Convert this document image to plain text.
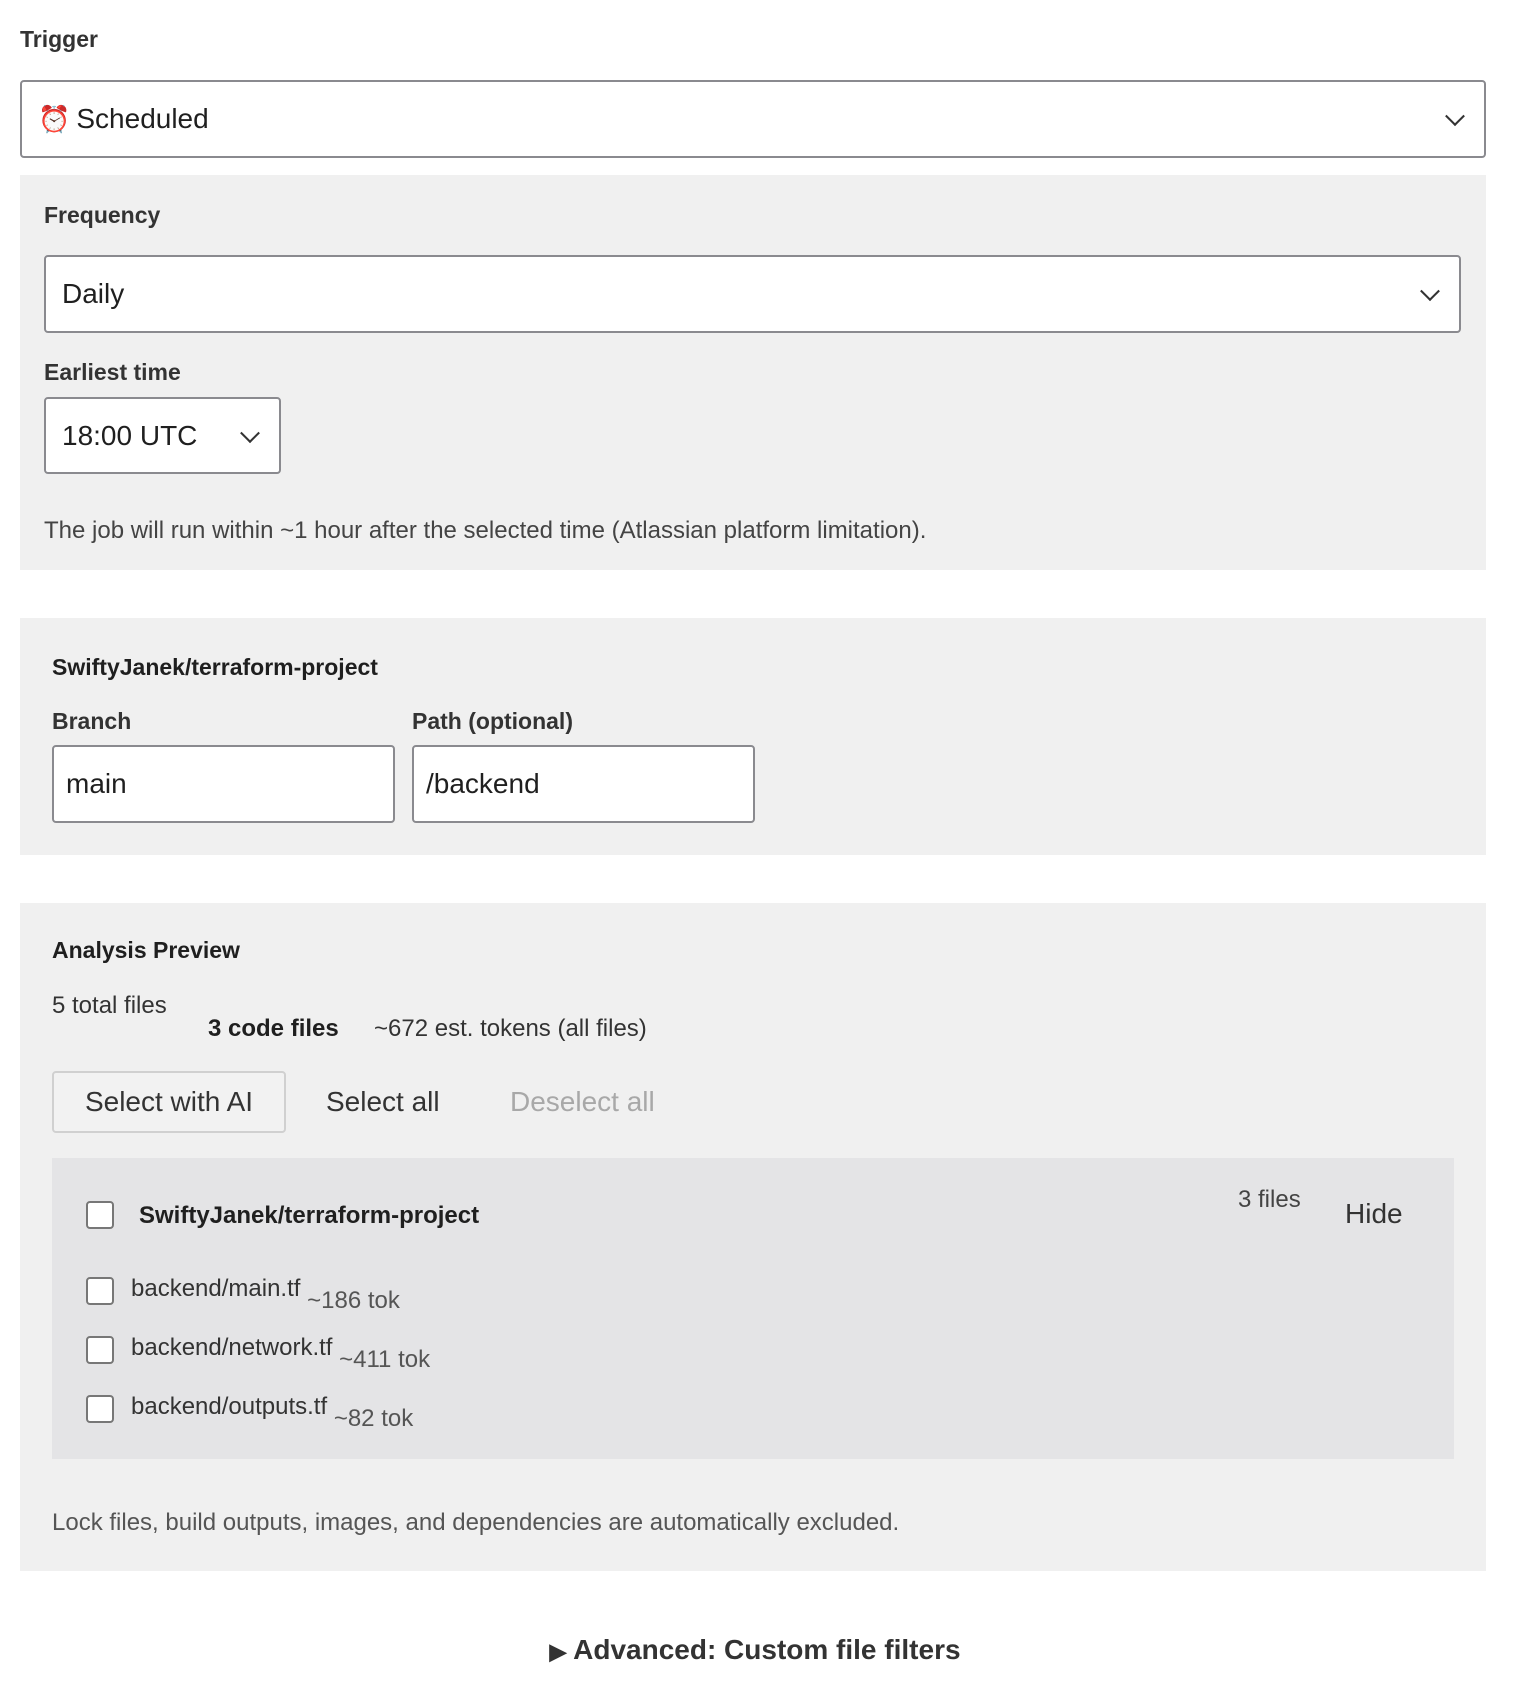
Trigger
⏰ Scheduled
Frequency
Daily
Earliest time
18:00 UTC
The job will run within ~1 hour after the selected time (Atlassian platform limitation).
SwiftyJanek/terraform-project
Branch	Path (optional)
main	/backend
Analysis Preview
5 total files
3 code files ~672 est. tokens (all files)
Select with AI	Select all	Deselect all
SwiftyJanek/terraform-project
3 files Hide
backend/main.tf ~186 tok
backend/network.tf ~411 tok
backend/outputs.tf ~82 tok
Lock files, build outputs, images, and dependencies are automatically excluded.
▶ Advanced: Custom file filters
